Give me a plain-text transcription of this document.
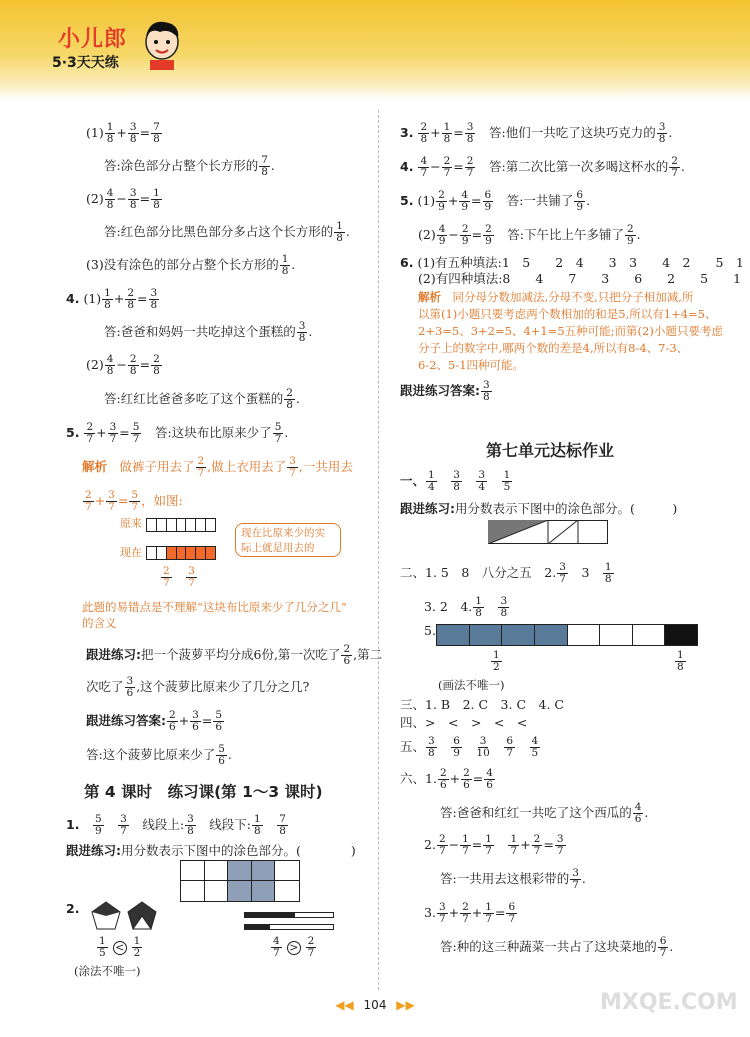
小儿郎
5·3天天练
$(1) \frac{1}{8} + \frac{3}{8} = \frac{7}{8}$
答:涂色部分占整个长方形的 $\frac{7}{8}$ .
$(2) \frac{4}{8} - \frac{3}{8} = \frac{1}{8}$
答:红色部分比黑色部分多占这个长方形的 $\frac{1}{8}$ .
(3)没有涂色的部分占整个长方形的 $\frac{1}{8}$ .
4. $(1) \frac{1}{8} + \frac{2}{8} = \frac{3}{8}$
答:爸爸和妈妈一共吃掉这个蛋糕的 $\frac{3}{8}$ .
$(2) \frac{4}{8} - \frac{2}{8} = \frac{2}{8}$
答:红红比爸爸多吃了这个蛋糕的 $\frac{2}{8}$ .
5. $\frac{2}{7} + \frac{3}{7} = \frac{5}{7}$
　 答:这块布比原来少了 $\frac{5}{7}$ .
解析　 做裤子用去了 $\frac{2}{7}$ ,做上衣用去了 $\frac{3}{7}$ ,一共用去
$\frac{2}{7} + \frac{3}{7} = \frac{5}{7}$ ，如图:
原来
现在
现在比原来少的实
际上就是用去的
$\frac{2}{7}$
　 $\frac{3}{7}$
此题的易错点是不理解“这块布比原来少了几分之几”
的含义
跟进练习:把一个菠萝平均分成6份,第一次吃了 $\frac{2}{6}$ ,第二
次吃了 $\frac{3}{6}$ ,这个菠萝比原来少了几分之几?
跟进练习答案: $\frac{2}{6} + \frac{3}{6} = \frac{5}{6}$
答:这个菠萝比原来少了 $\frac{5}{6}$ .
第 4 课时　 练习课(第 1～3 课时)
1.　 $\frac{5}{9}$
　 $\frac{3}{7}$
　 线段上: $\frac{3}{8}$
　 线段下: $\frac{1}{8}$
　 $\frac{7}{8}$
跟进练习:用分数表示下图中的涂色部分。(　　　　	)
2.
$\frac{1}{5} < \frac{1}{2}$	$\frac{4}{7} > \frac{2}{7}$
(涂法不唯一)
3. $\frac{2}{8} + \frac{1}{8} = \frac{3}{8}$
　 答:他们一共吃了这块巧克力的 $\frac{3}{8}$ .
4. $\frac{4}{7} - \frac{2}{7} = \frac{2}{7}$
　 答:第二次比第一次多喝这杯水的 $\frac{2}{7}$ .
5. $(1) \frac{2}{9} + \frac{4}{9} = \frac{6}{9}$
　 答:一共铺了 $\frac{6}{9}$ .
$(2) \frac{4}{9} - \frac{2}{9} = \frac{2}{9}$
　 答:下午比上午多铺了 $\frac{2}{9}$ .
6. (1)有五种填法:1　5　　2　4　　3　3　　4　2　　5　1
(2)有四种填法:8　　4　　7　　3　　6　　2　　5　　1
解析　 同分母分数加减法,分母不变,只把分子相加减,所
以第(1)小题只要考虑两个数相加的和是5,所以有1+4=5、
2+3=5、3+2=5、4+1=5五种可能;而第(2)小题只要考虑
分子上的数字中,哪两个数的差是4,所以有8-4、7-3、
6-2、5-1四种可能。
跟进练习答案: $\frac{3}{8}$
第七单元达标作业
一、 $\frac{1}{4}$
　 $\frac{3}{8}$
　 $\frac{3}{4}$
　 $\frac{1}{5}$
跟进练习:用分数表示下图中的涂色部分。(　　　	)
二、1. 5　8　八分之五　2. $\frac{3}{7}$
　 3　 $\frac{1}{8}$
3. 2　4. $\frac{1}{8}$
　 $\frac{3}{8}$
5.
$\frac{1}{2}$	$\frac{1}{8}$
(画法不唯一)
三、1. B　2. C　3. C　4. C
四、>　<　>　<　<
五、 $\frac{3}{8}$
　 $\frac{6}{9}$
　 $\frac{3}{10}$
　 $\frac{6}{7}$
　 $\frac{4}{5}$
六、1. $\frac{2}{6} + \frac{2}{6} = \frac{4}{6}$
答:爸爸和红红一共吃了这个西瓜的 $\frac{4}{6}$ .
2. $\frac{2}{7} - \frac{1}{7} = \frac{1}{7}$
　 $\frac{1}{7} + \frac{2}{7} = \frac{3}{7}$
答:一共用去这根彩带的 $\frac{3}{7}$ .
3. $\frac{3}{7} + \frac{2}{7} + \frac{1}{7} = \frac{6}{7}$
答:种的这三种蔬菜一共占了这块菜地的 $\frac{6}{7}$ .
MXQE.COM
◀◀ 104 ▶▶
